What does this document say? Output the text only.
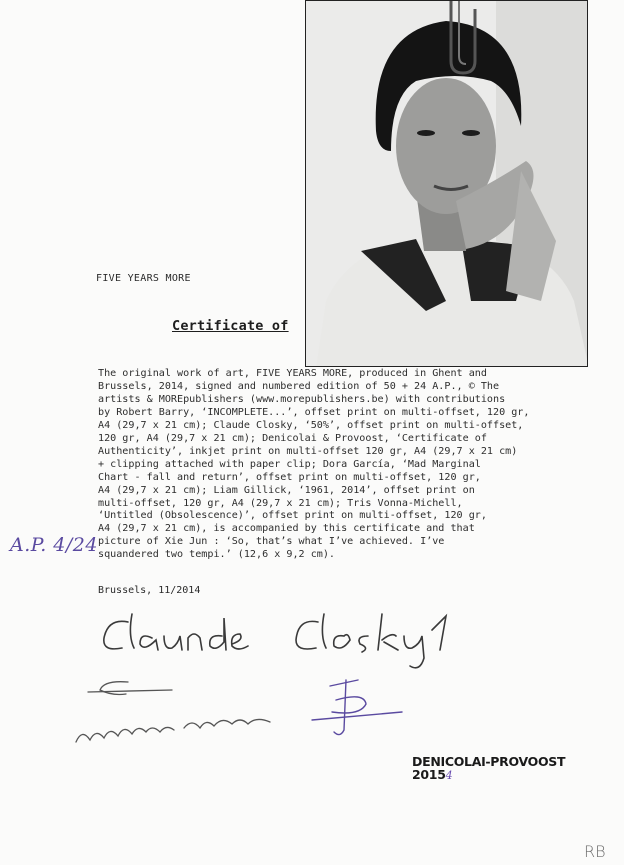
FIVE YEARS MORE
Certificate of
The original work of art, FIVE YEARS MORE, produced in Ghent and
Brussels, 2014, signed and numbered edition of 50 + 24 A.P., © The
artists & MOREpublishers (www.morepublishers.be) with contributions
by Robert Barry, ‘INCOMPLETE...’, offset print on multi-offset, 120 gr,
A4 (29,7 x 21 cm); Claude Closky, ‘50%’, offset print on multi-offset,
120 gr, A4 (29,7 x 21 cm); Denicolai & Provoost, ‘Certificate of
Authenticity’, inkjet print on multi-offset 120 gr, A4 (29,7 x 21 cm)
+ clipping attached with paper clip; Dora García, ‘Mad Marginal
Chart - fall and return’, offset print on multi-offset, 120 gr,
A4 (29,7 x 21 cm); Liam Gillick, ‘1961, 2014’, offset print on
multi-offset, 120 gr, A4 (29,7 x 21 cm); Tris Vonna-Michell,
‘Untitled (Obsolescence)’, offset print on multi-offset, 120 gr,
A4 (29,7 x 21 cm), is accompanied by this certificate and that
picture of Xie Jun : ‘So, that’s what I’ve achieved. I’ve
squandered two tempi.’ (12,6 x 9,2 cm).
A.P. 4/24
Brussels, 11/2014
DENICOLAI-PROVOOST
20154
RB
